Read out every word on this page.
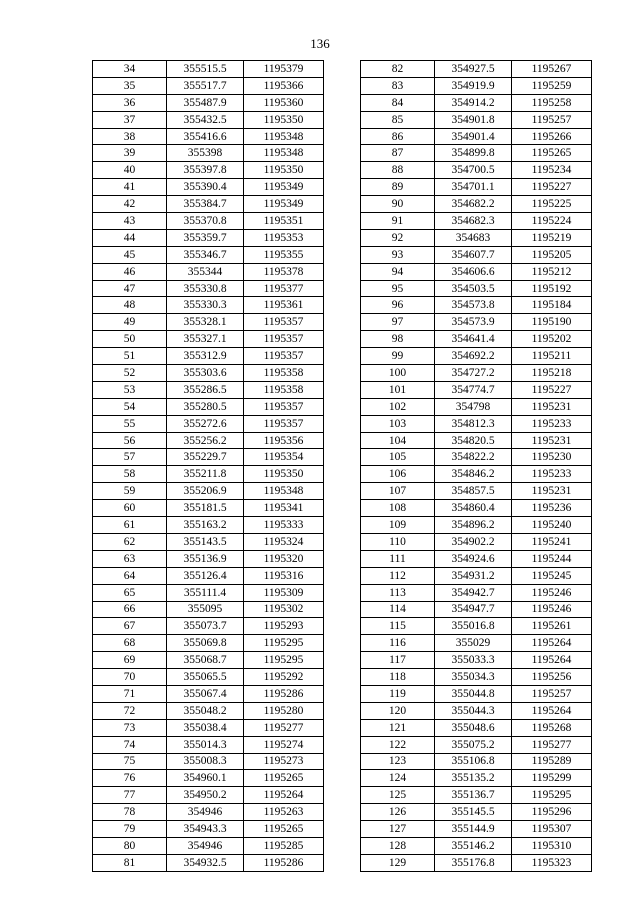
136
34	355515.5	1195379
35	355517.7	1195366
36	355487.9	1195360
37	355432.5	1195350
38	355416.6	1195348
39	355398	1195348
40	355397.8	1195350
41	355390.4	1195349
42	355384.7	1195349
43	355370.8	1195351
44	355359.7	1195353
45	355346.7	1195355
46	355344	1195378
47	355330.8	1195377
48	355330.3	1195361
49	355328.1	1195357
50	355327.1	1195357
51	355312.9	1195357
52	355303.6	1195358
53	355286.5	1195358
54	355280.5	1195357
55	355272.6	1195357
56	355256.2	1195356
57	355229.7	1195354
58	355211.8	1195350
59	355206.9	1195348
60	355181.5	1195341
61	355163.2	1195333
62	355143.5	1195324
63	355136.9	1195320
64	355126.4	1195316
65	355111.4	1195309
66	355095	1195302
67	355073.7	1195293
68	355069.8	1195295
69	355068.7	1195295
70	355065.5	1195292
71	355067.4	1195286
72	355048.2	1195280
73	355038.4	1195277
74	355014.3	1195274
75	355008.3	1195273
76	354960.1	1195265
77	354950.2	1195264
78	354946	1195263
79	354943.3	1195265
80	354946	1195285
81	354932.5	1195286
82	354927.5	1195267
83	354919.9	1195259
84	354914.2	1195258
85	354901.8	1195257
86	354901.4	1195266
87	354899.8	1195265
88	354700.5	1195234
89	354701.1	1195227
90	354682.2	1195225
91	354682.3	1195224
92	354683	1195219
93	354607.7	1195205
94	354606.6	1195212
95	354503.5	1195192
96	354573.8	1195184
97	354573.9	1195190
98	354641.4	1195202
99	354692.2	1195211
100	354727.2	1195218
101	354774.7	1195227
102	354798	1195231
103	354812.3	1195233
104	354820.5	1195231
105	354822.2	1195230
106	354846.2	1195233
107	354857.5	1195231
108	354860.4	1195236
109	354896.2	1195240
110	354902.2	1195241
111	354924.6	1195244
112	354931.2	1195245
113	354942.7	1195246
114	354947.7	1195246
115	355016.8	1195261
116	355029	1195264
117	355033.3	1195264
118	355034.3	1195256
119	355044.8	1195257
120	355044.3	1195264
121	355048.6	1195268
122	355075.2	1195277
123	355106.8	1195289
124	355135.2	1195299
125	355136.7	1195295
126	355145.5	1195296
127	355144.9	1195307
128	355146.2	1195310
129	355176.8	1195323
